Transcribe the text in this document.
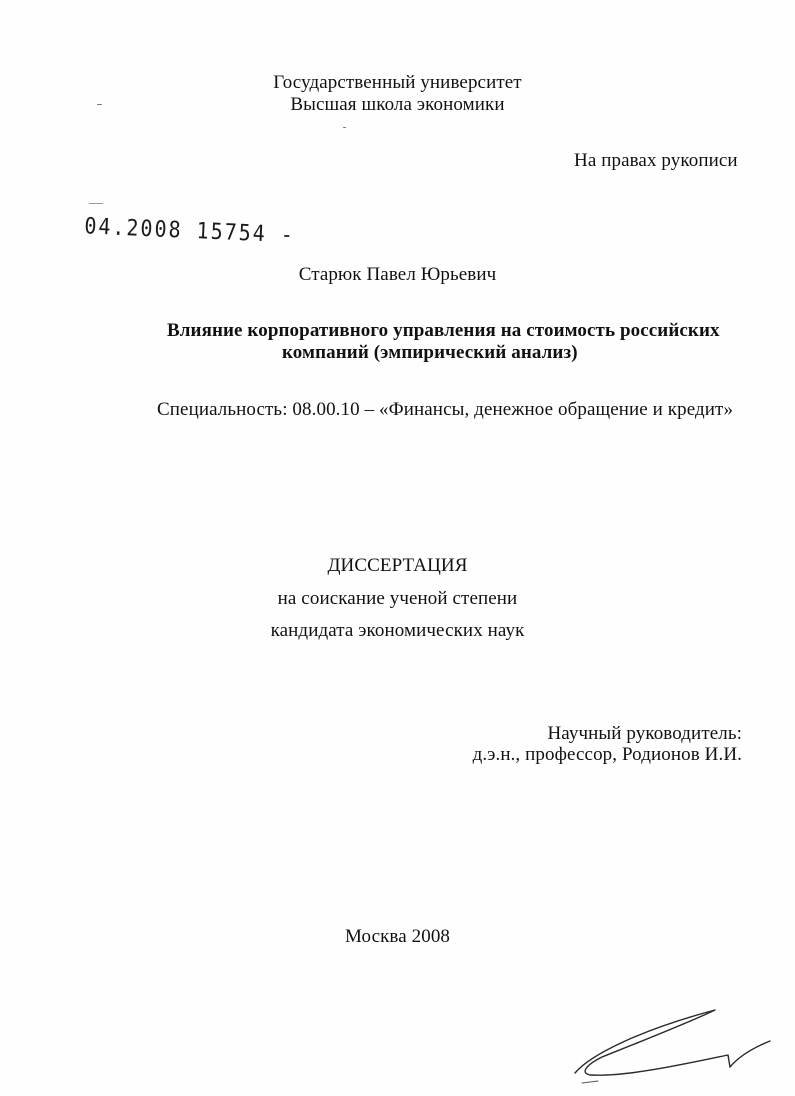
Государственный университет
Высшая школа экономики
На правах рукописи
04.2008 15754 -
Старюк Павел Юрьевич
Влияние корпоративного управления на стоимость российских
компаний (эмпирический анализ)
Специальность: 08.00.10 – «Финансы, денежное обращение и кредит»
ДИССЕРТАЦИЯ
на соискание ученой степени
кандидата экономических наук
Научный руководитель:
д.э.н., профессор, Родионов И.И.
Москва 2008
